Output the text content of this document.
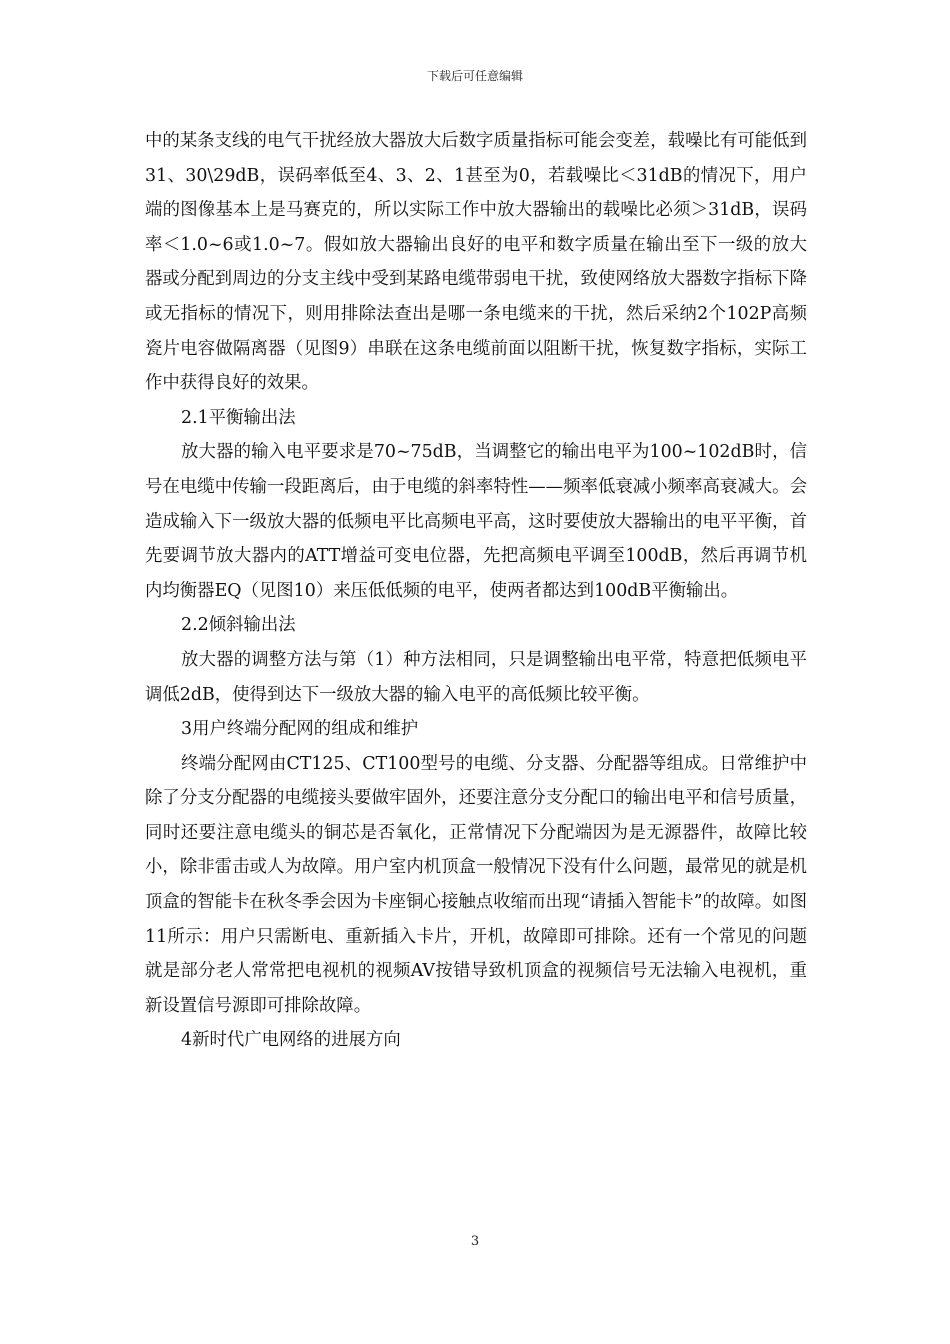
下载后可任意编辑

中的某条支线的电气干扰经放大器放大后数字质量指标可能会变差，载噪比有可能低到31、30\29dB，误码率低至4、3、2、1甚至为0，若载噪比＜31dB的情况下，用户端的图像基本上是马赛克的，所以实际工作中放大器输出的载噪比必须＞31dB，误码率＜1.0~6或1.0~7。假如放大器输出良好的电平和数字质量在输出至下一级的放大器或分配到周边的分支主线中受到某路电缆带弱电干扰，致使网络放大器数字指标下降或无指标的情况下，则用排除法查出是哪一条电缆来的干扰，然后采纳2个102P高频瓷片电容做隔离器（见图9）串联在这条电缆前面以阻断干扰，恢复数字指标，实际工作中获得良好的效果。

2.1平衡输出法

放大器的输入电平要求是70~75dB，当调整它的输出电平为100~102dB时，信号在电缆中传输一段距离后，由于电缆的斜率特性——频率低衰减小频率高衰减大。会造成输入下一级放大器的低频电平比高频电平高，这时要使放大器输出的电平平衡，首先要调节放大器内的ATT增益可变电位器，先把高频电平调至100dB，然后再调节机内均衡器EQ（见图10）来压低低频的电平，使两者都达到100dB平衡输出。

2.2倾斜输出法

放大器的调整方法与第（1）种方法相同，只是调整输出电平常，特意把低频电平调低2dB，使得到达下一级放大器的输入电平的高低频比较平衡。

3用户终端分配网的组成和维护

终端分配网由CT125、CT100型号的电缆、分支器、分配器等组成。日常维护中除了分支分配器的电缆接头要做牢固外，还要注意分支分配口的输出电平和信号质量，同时还要注意电缆头的铜芯是否氧化，正常情况下分配端因为是无源器件，故障比较小，除非雷击或人为故障。用户室内机顶盒一般情况下没有什么问题，最常见的就是机顶盒的智能卡在秋冬季会因为卡座铜心接触点收缩而出现“请插入智能卡”的故障。如图11所示：用户只需断电、重新插入卡片，开机，故障即可排除。还有一个常见的问题就是部分老人常常把电视机的视频AV按错导致机顶盒的视频信号无法输入电视机，重新设置信号源即可排除故障。

4新时代广电网络的进展方向

3
